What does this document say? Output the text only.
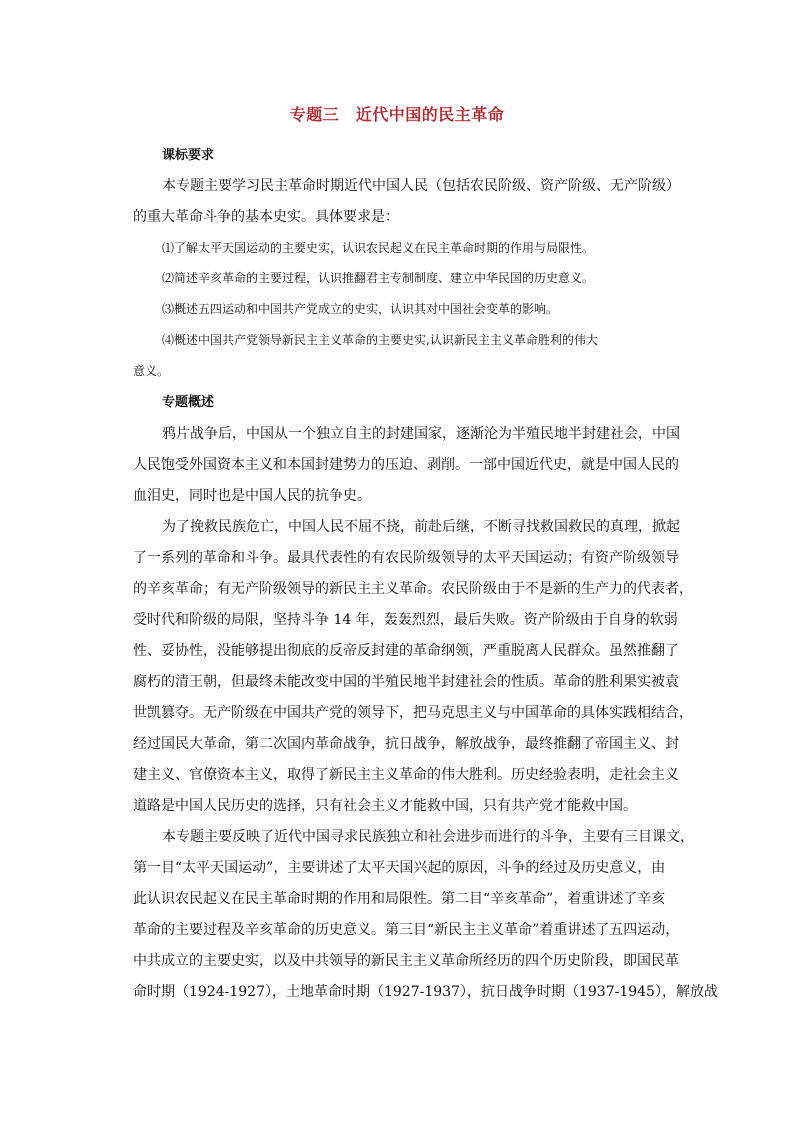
专题三　近代中国的民主革命
课标要求
本专题主要学习民主革命时期近代中国人民（包括农民阶级、资产阶级、无产阶级）
的重大革命斗争的基本史实。具体要求是：
⑴了解太平天国运动的主要史实，认识农民起义在民主革命时期的作用与局限性。
⑵简述辛亥革命的主要过程，认识推翻君主专制制度、建立中华民国的历史意义。
⑶概述五四运动和中国共产党成立的史实，认识其对中国社会变革的影响。
⑷概述中国共产党领导新民主主义革命的主要史实,认识新民主主义革命胜利的伟大
意义。
专题概述
鸦片战争后，中国从一个独立自主的封建国家，逐渐沦为半殖民地半封建社会，中国
人民饱受外国资本主义和本国封建势力的压迫、剥削。一部中国近代史，就是中国人民的
血泪史，同时也是中国人民的抗争史。
为了挽救民族危亡，中国人民不屈不挠，前赴后继，不断寻找救国救民的真理，掀起
了一系列的革命和斗争。最具代表性的有农民阶级领导的太平天国运动；有资产阶级领导
的辛亥革命；有无产阶级领导的新民主主义革命。农民阶级由于不是新的生产力的代表者，
受时代和阶级的局限，坚持斗争 14 年，轰轰烈烈，最后失败。资产阶级由于自身的软弱
性、妥协性，没能够提出彻底的反帝反封建的革命纲领，严重脱离人民群众。虽然推翻了
腐朽的清王朝，但最终未能改变中国的半殖民地半封建社会的性质。革命的胜利果实被袁
世凯篡夺。无产阶级在中国共产党的领导下，把马克思主义与中国革命的具体实践相结合，
经过国民大革命，第二次国内革命战争，抗日战争，解放战争，最终推翻了帝国主义、封
建主义、官僚资本主义，取得了新民主主义革命的伟大胜利。历史经验表明，走社会主义
道路是中国人民历史的选择，只有社会主义才能救中国，只有共产党才能救中国。
本专题主要反映了近代中国寻求民族独立和社会进步而进行的斗争，主要有三目课文，
第一目“太平天国运动”，主要讲述了太平天国兴起的原因，斗争的经过及历史意义，由
此认识农民起义在民主革命时期的作用和局限性。第二目“辛亥革命”，着重讲述了辛亥
革命的主要过程及辛亥革命的历史意义。第三目“新民主主义革命”着重讲述了五四运动，
中共成立的主要史实，以及中共领导的新民主主义革命所经历的四个历史阶段，即国民革
命时期（1924-1927），土地革命时期（1927-1937），抗日战争时期（1937-1945），解放战
